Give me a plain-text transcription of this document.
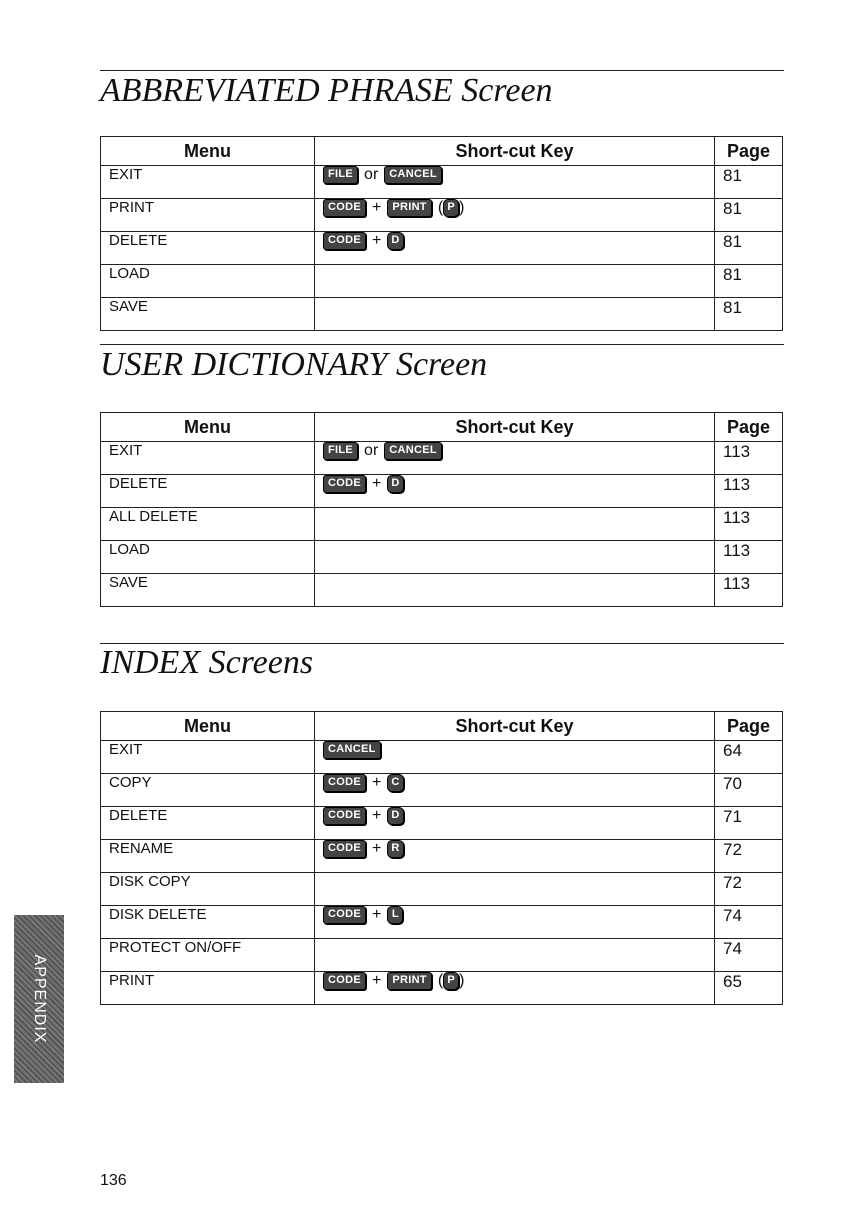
ABBREVIATED PHRASE Screen
Menu	Short-cut Key	Page
EXIT	FILE or CANCEL	81
PRINT	CODE + PRINT ( P )	81
DELETE	CODE + D	81
LOAD		81
SAVE		81
USER DICTIONARY Screen
Menu	Short-cut Key	Page
EXIT	FILE or CANCEL	113
DELETE	CODE + D	113
ALL DELETE		113
LOAD		113
SAVE		113
INDEX Screens
Menu	Short-cut Key	Page
EXIT	CANCEL	64
COPY	CODE + C	70
DELETE	CODE + D	71
RENAME	CODE + R	72
DISK COPY		72
DISK DELETE	CODE + L	74
PROTECT ON/OFF		74
PRINT	CODE + PRINT ( P )	65
APPENDIX
136
